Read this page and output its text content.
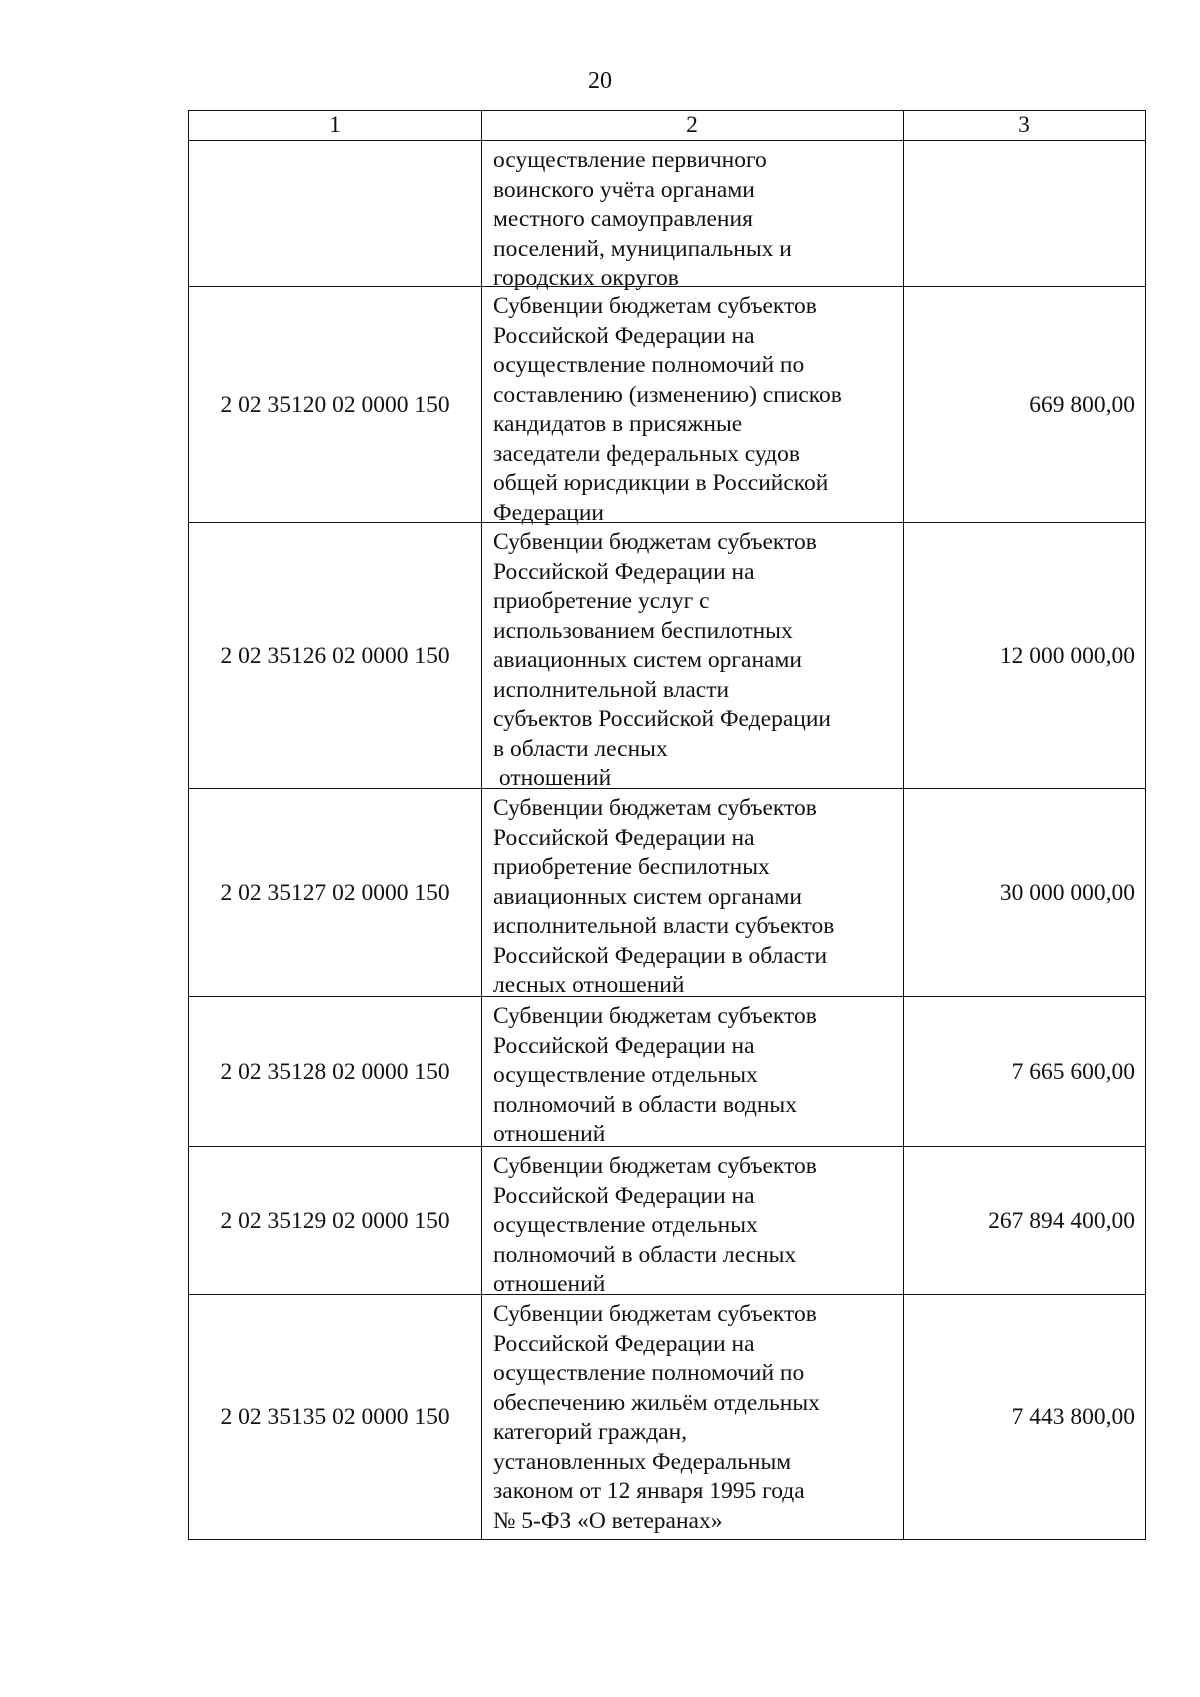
20
1	2	3
осуществление первичного
воинского учёта органами
местного самоуправления
поселений, муниципальных и
городских округов
2 02 35120 02 0000 150
Субвенции бюджетам субъектов
Российской Федерации на
осуществление полномочий по
составлению (изменению) списков
кандидатов в присяжные
заседатели федеральных судов
общей юрисдикции в Российской
Федерации
669 800,00
2 02 35126 02 0000 150
Субвенции бюджетам субъектов
Российской Федерации на
приобретение услуг с
использованием беспилотных
авиационных систем органами
исполнительной власти
субъектов Российской Федерации
в области лесных
отношений
12 000 000,00
2 02 35127 02 0000 150
Субвенции бюджетам субъектов
Российской Федерации на
приобретение беспилотных
авиационных систем органами
исполнительной власти субъектов
Российской Федерации в области
лесных отношений
30 000 000,00
2 02 35128 02 0000 150
Субвенции бюджетам субъектов
Российской Федерации на
осуществление отдельных
полномочий в области водных
отношений
7 665 600,00
2 02 35129 02 0000 150
Субвенции бюджетам субъектов
Российской Федерации на
осуществление отдельных
полномочий в области лесных
отношений
267 894 400,00
2 02 35135 02 0000 150
Субвенции бюджетам субъектов
Российской Федерации на
осуществление полномочий по
обеспечению жильём отдельных
категорий граждан,
установленных Федеральным
законом от 12 января 1995 года
№ 5-ФЗ «О ветеранах»
7 443 800,00
